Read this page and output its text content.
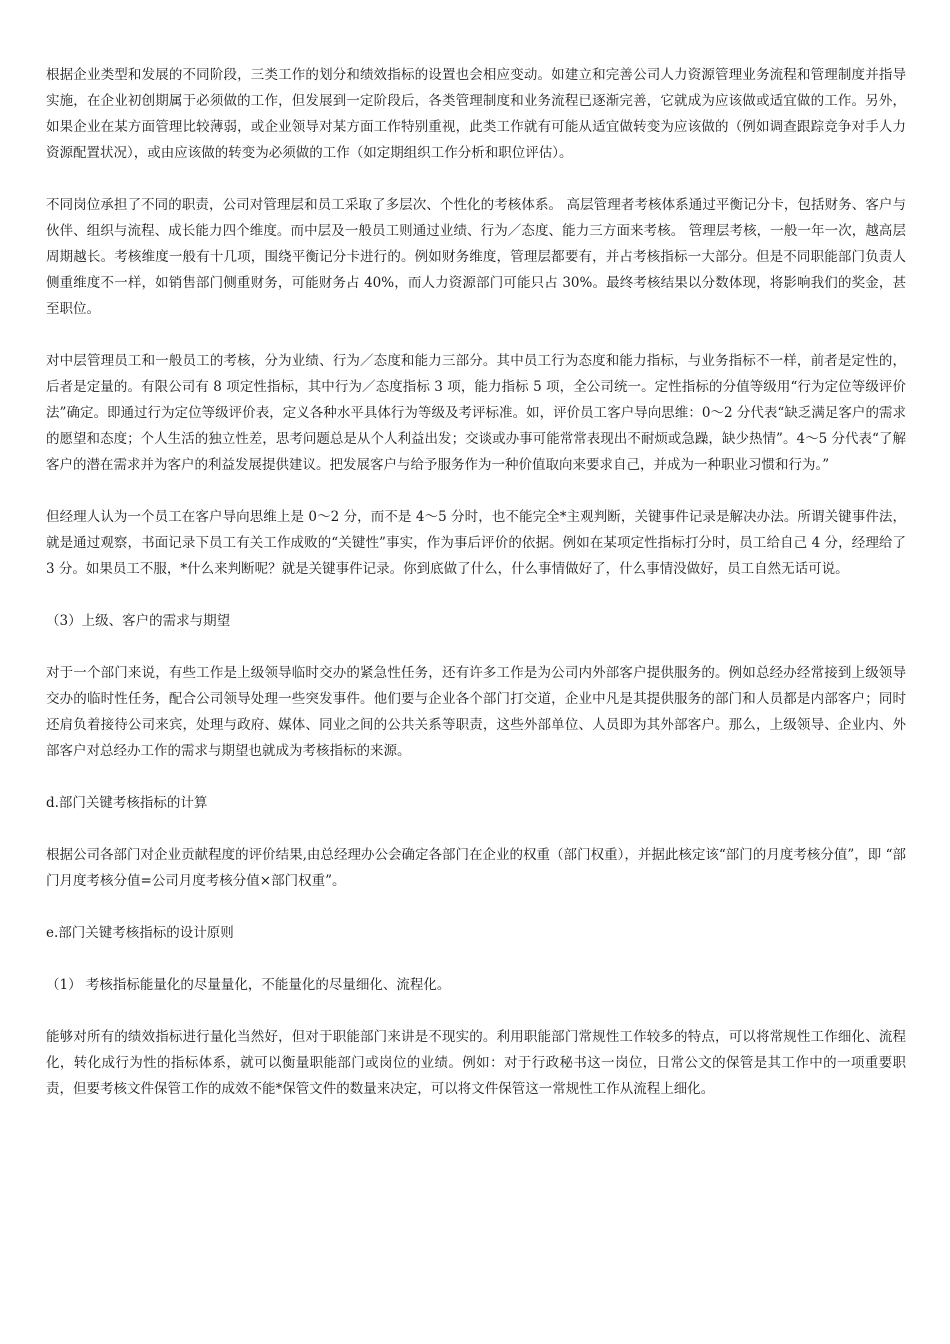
根据企业类型和发展的不同阶段，三类工作的划分和绩效指标的设置也会相应变动。如建立和完善公司人力资源管理业务流程和管理制度并指导实施，在企业初创期属于必须做的工作，但发展到一定阶段后，各类管理制度和业务流程已逐渐完善，它就成为应该做或适宜做的工作。另外，如果企业在某方面管理比较薄弱，或企业领导对某方面工作特别重视，此类工作就有可能从适宜做转变为应该做的（例如调查跟踪竞争对手人力资源配置状况），或由应该做的转变为必须做的工作（如定期组织工作分析和职位评估）。

不同岗位承担了不同的职责，公司对管理层和员工采取了多层次、个性化的考核体系。 高层管理者考核体系通过平衡记分卡，包括财务、客户与伙伴、组织与流程、成长能力四个维度。而中层及一般员工则通过业绩、行为／态度、能力三方面来考核。 管理层考核，一般一年一次，越高层周期越长。考核维度一般有十几项，围绕平衡记分卡进行的。例如财务维度，管理层都要有，并占考核指标一大部分。但是不同职能部门负责人侧重维度不一样，如销售部门侧重财务，可能财务占 40%，而人力资源部门可能只占 30%。最终考核结果以分数体现，将影响我们的奖金，甚至职位。

对中层管理员工和一般员工的考核，分为业绩、行为／态度和能力三部分。其中员工行为态度和能力指标，与业务指标不一样，前者是定性的，后者是定量的。有限公司有 8 项定性指标，其中行为／态度指标 3 项，能力指标 5 项，全公司统一。定性指标的分值等级用“行为定位等级评价法”确定。即通过行为定位等级评价表，定义各种水平具体行为等级及考评标准。如，评价员工客户导向思维：0～2 分代表“缺乏满足客户的需求的愿望和态度；个人生活的独立性差，思考问题总是从个人利益出发；交谈或办事可能常常表现出不耐烦或急躁，缺少热情”。4～5 分代表“了解客户的潜在需求并为客户的利益发展提供建议。把发展客户与给予服务作为一种价值取向来要求自己，并成为一种职业习惯和行为。”

但经理人认为一个员工在客户导向思维上是 0～2 分，而不是 4～5 分时，也不能完全*主观判断，关键事件记录是解决办法。所谓关键事件法，就是通过观察，书面记录下员工有关工作成败的“关键性”事实，作为事后评价的依据。例如在某项定性指标打分时，员工给自己 4 分，经理给了 3 分。如果员工不服，*什么来判断呢？就是关键事件记录。你到底做了什么，什么事情做好了，什么事情没做好，员工自然无话可说。

（3）上级、客户的需求与期望

对于一个部门来说，有些工作是上级领导临时交办的紧急性任务，还有许多工作是为公司内外部客户提供服务的。例如总经办经常接到上级领导交办的临时性任务，配合公司领导处理一些突发事件。他们要与企业各个部门打交道，企业中凡是其提供服务的部门和人员都是内部客户；同时还肩负着接待公司来宾，处理与政府、媒体、同业之间的公共关系等职责，这些外部单位、人员即为其外部客户。那么，上级领导、企业内、外部客户对总经办工作的需求与期望也就成为考核指标的来源。

d.部门关键考核指标的计算

根据公司各部门对企业贡献程度的评价结果,由总经理办公会确定各部门在企业的权重（部门权重），并据此核定该“部门的月度考核分值”，即 “部门月度考核分值=公司月度考核分值×部门权重”。

e.部门关键考核指标的设计原则

（1） 考核指标能量化的尽量量化，不能量化的尽量细化、流程化。

能够对所有的绩效指标进行量化当然好，但对于职能部门来讲是不现实的。利用职能部门常规性工作较多的特点，可以将常规性工作细化、流程化，转化成行为性的指标体系，就可以衡量职能部门或岗位的业绩。例如：对于行政秘书这一岗位，日常公文的保管是其工作中的一项重要职责，但要考核文件保管工作的成效不能*保管文件的数量来决定，可以将文件保管这一常规性工作从流程上细化。
